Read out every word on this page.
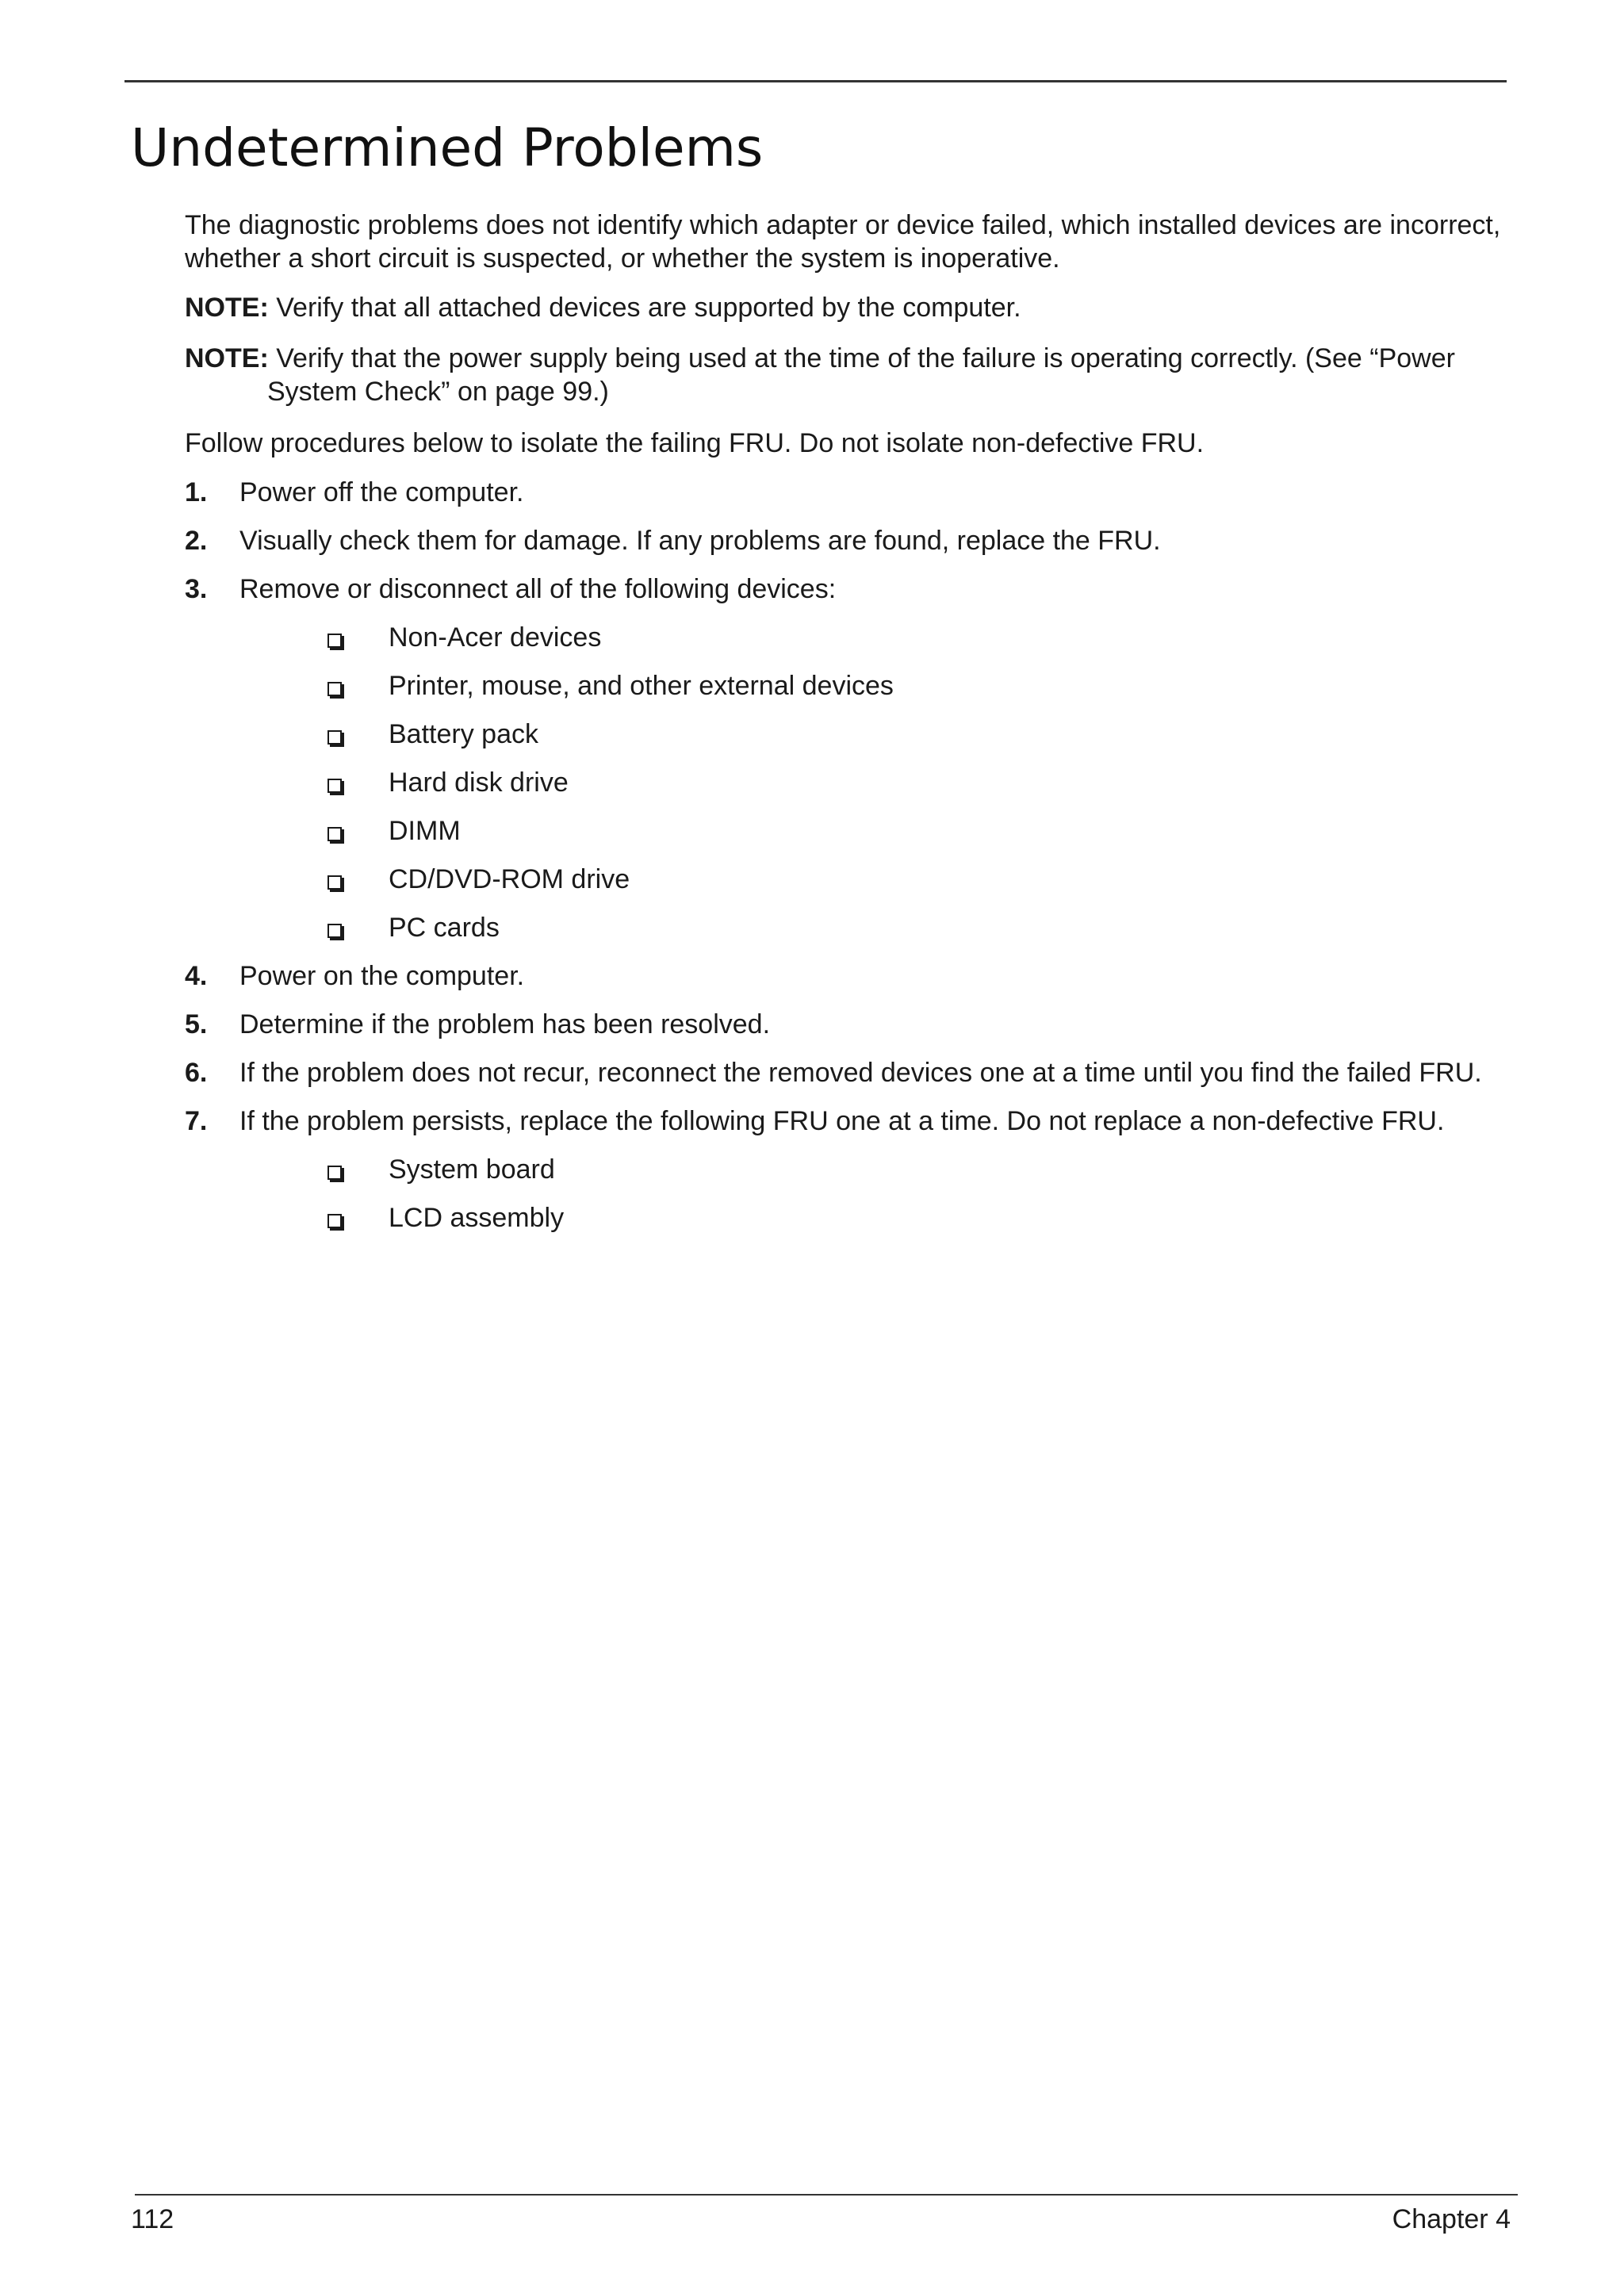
Undetermined Problems

The diagnostic problems does not identify which adapter or device failed, which installed devices are incorrect,

whether a short circuit is suspected, or whether the system is inoperative.

NOTE: Verify that all attached devices are supported by the computer.
NOTE: Verify that the power supply being used at the time of the failure is operating correctly. (See “Power
System Check” on page 99.)
Follow procedures below to isolate the failing FRU. Do not isolate non-defective FRU.
1. Power off the computer.
2. Visually check them for damage. If any problems are found, replace the FRU.
3. Remove or disconnect all of the following devices:
Non-Acer devices
Printer, mouse, and other external devices
Battery pack
Hard disk drive
DIMM
CD/DVD-ROM drive
PC cards
4. Power on the computer.
5. Determine if the problem has been resolved.
6. If the problem does not recur, reconnect the removed devices one at a time until you find the failed FRU.
7. If the problem persists, replace the following FRU one at a time. Do not replace a non-defective FRU.
System board
LCD assembly
112	Chapter 4
